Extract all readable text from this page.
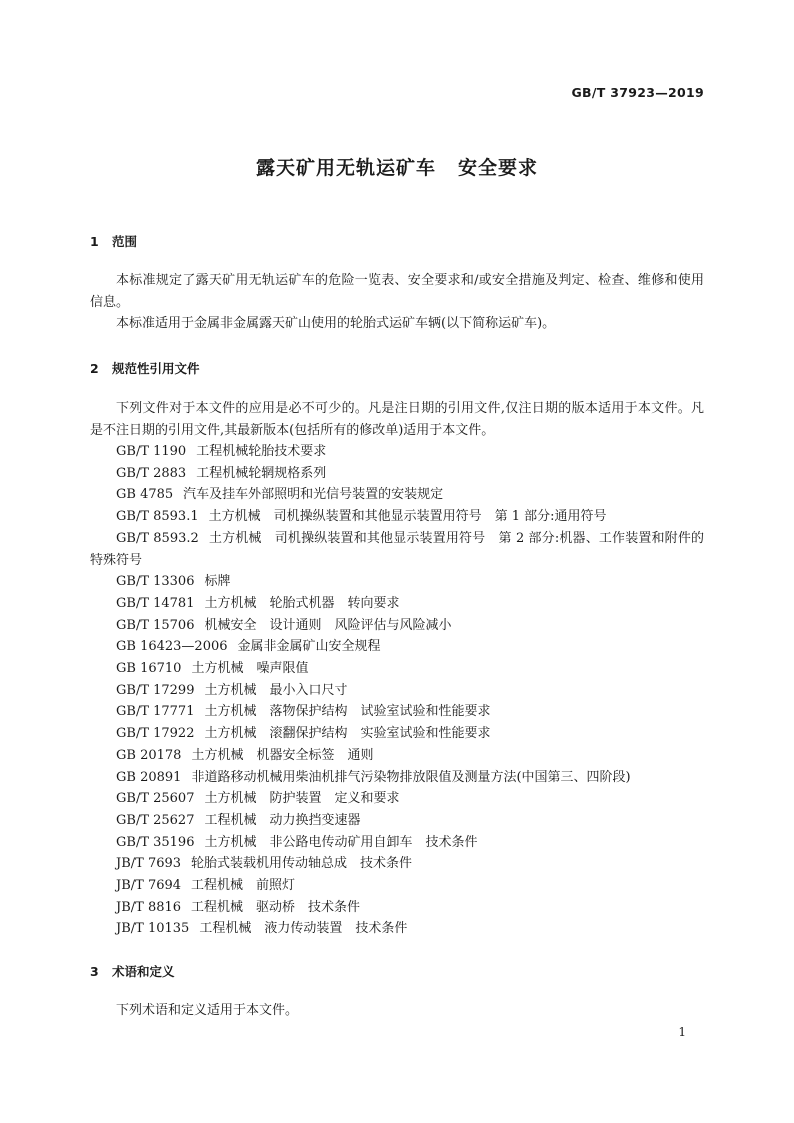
GB/T 37923—2019
露天矿用无轨运矿车 安全要求
1 范围
本标准规定了露天矿用无轨运矿车的危险一览表、安全要求和/或安全措施及判定、检查、维修和使用信息。
本标准适用于金属非金属露天矿山使用的轮胎式运矿车辆(以下简称运矿车)。
2 规范性引用文件
下列文件对于本文件的应用是必不可少的。凡是注日期的引用文件,仅注日期的版本适用于本文件。凡是不注日期的引用文件,其最新版本(包括所有的修改单)适用于本文件。
GB/T 1190 工程机械轮胎技术要求
GB/T 2883 工程机械轮辋规格系列
GB 4785 汽车及挂车外部照明和光信号装置的安装规定
GB/T 8593.1 土方机械　司机操纵装置和其他显示装置用符号　第 1 部分:通用符号
GB/T 8593.2 土方机械　司机操纵装置和其他显示装置用符号　第 2 部分:机器、工作装置和附件的特殊符号
GB/T 13306 标牌
GB/T 14781 土方机械　轮胎式机器　转向要求
GB/T 15706 机械安全　设计通则　风险评估与风险减小
GB 16423—2006 金属非金属矿山安全规程
GB 16710 土方机械　噪声限值
GB/T 17299 土方机械　最小入口尺寸
GB/T 17771 土方机械　落物保护结构　试验室试验和性能要求
GB/T 17922 土方机械　滚翻保护结构　实验室试验和性能要求
GB 20178 土方机械　机器安全标签　通则
GB 20891 非道路移动机械用柴油机排气污染物排放限值及测量方法(中国第三、四阶段)
GB/T 25607 土方机械　防护装置　定义和要求
GB/T 25627 工程机械　动力换挡变速器
GB/T 35196 土方机械　非公路电传动矿用自卸车　技术条件
JB/T 7693 轮胎式装载机用传动轴总成　技术条件
JB/T 7694 工程机械　前照灯
JB/T 8816 工程机械　驱动桥　技术条件
JB/T 10135 工程机械　液力传动装置　技术条件
3 术语和定义
下列术语和定义适用于本文件。
1
